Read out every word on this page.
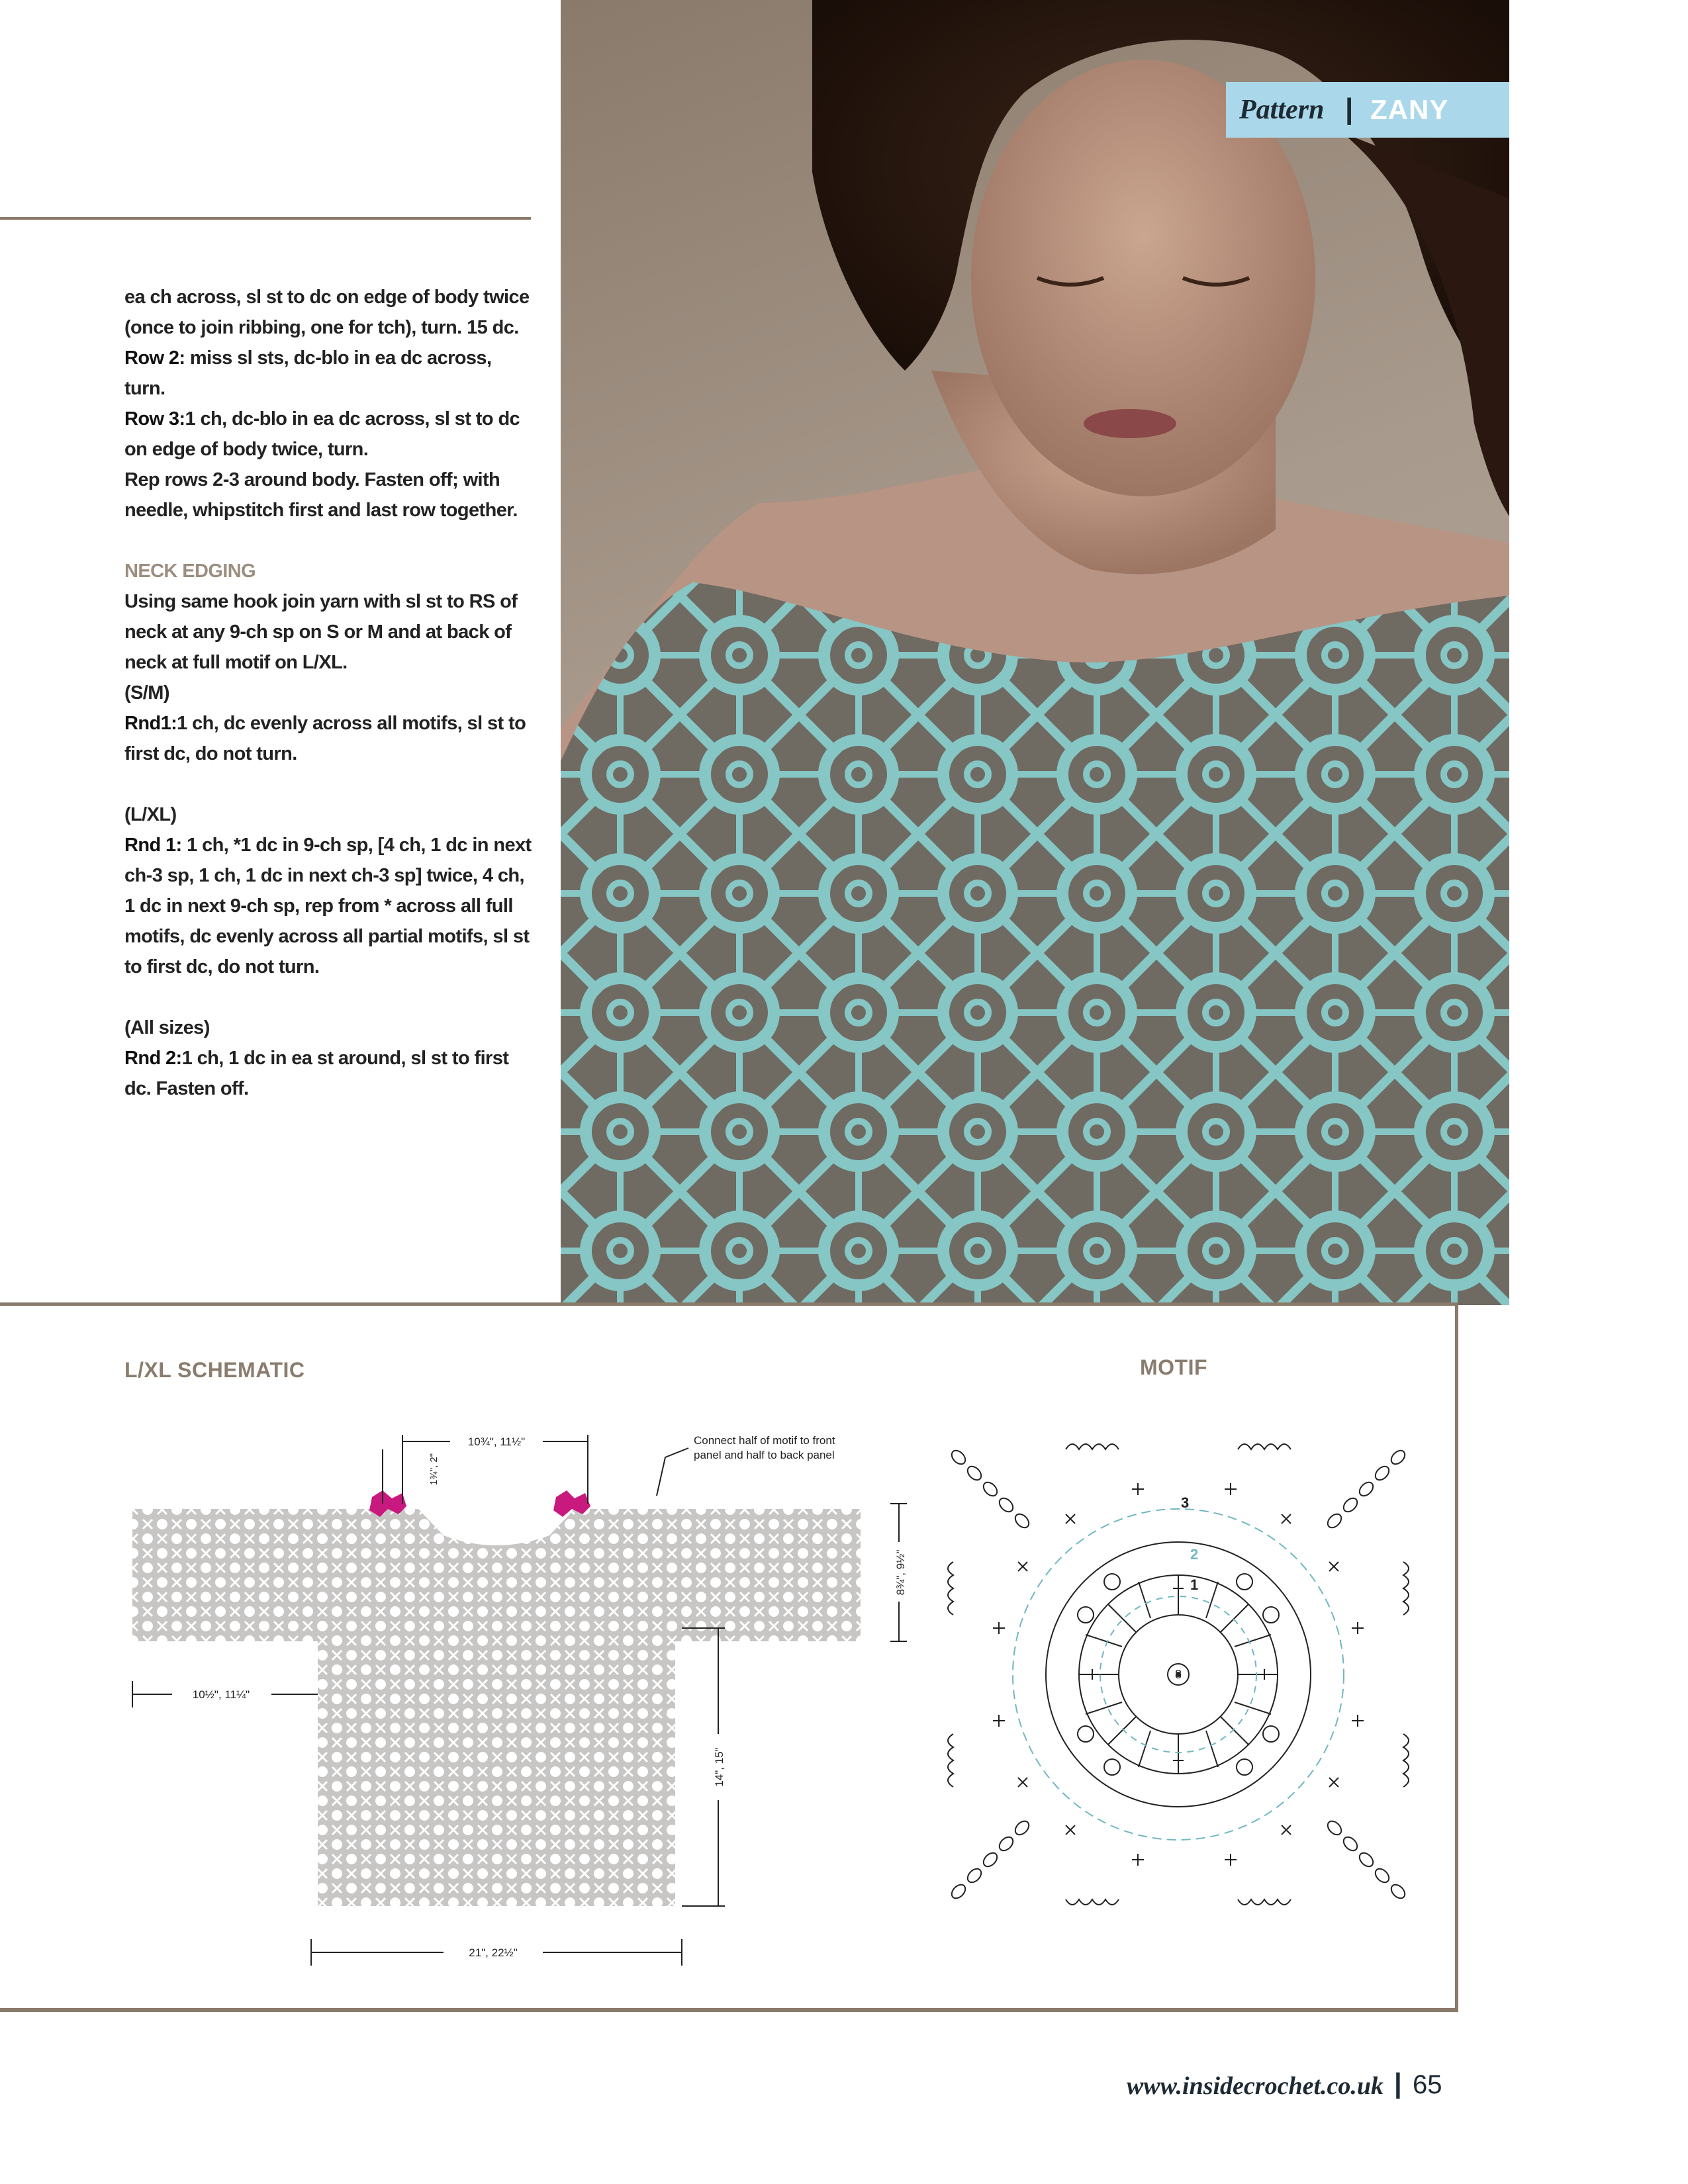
Pattern | ZANY

ea ch across, sl st to dc on edge of body twice (once to join ribbing, one for tch), turn. 15 dc.

Row 2: miss sl sts, dc-blo in ea dc across, turn.

Row 3:1 ch, dc-blo in ea dc across, sl st to dc on edge of body twice, turn.

Rep rows 2-3 around body. Fasten off; with needle, whipstitch first and last row together.

NECK EDGING

Using same hook join yarn with sl st to RS of neck at any 9-ch sp on S or M and at back of neck at full motif on L/XL.

(S/M)

Rnd1:1 ch, dc evenly across all motifs, sl st to first dc, do not turn.

(L/XL)

Rnd 1: 1 ch, *1 dc in 9-ch sp, [4 ch, 1 dc in next ch-3 sp, 1 ch, 1 dc in next ch-3 sp] twice, 4 ch, 1 dc in next 9-ch sp, rep from * across all full motifs, dc evenly across all partial motifs, sl st to first dc, do not turn.

(All sizes)

Rnd 2:1 ch, 1 dc in ea st around, sl st to first dc. Fasten off.

L/XL SCHEMATIC	MOTIF
10¾", 11½"
1¾", 2"
8¾", 9½"
10½", 11¼"
14", 15"
21", 22½"
Connect half of motif to front panel and half to back panel
8
1
2
3
www.insidecrochet.co.uk | 65
